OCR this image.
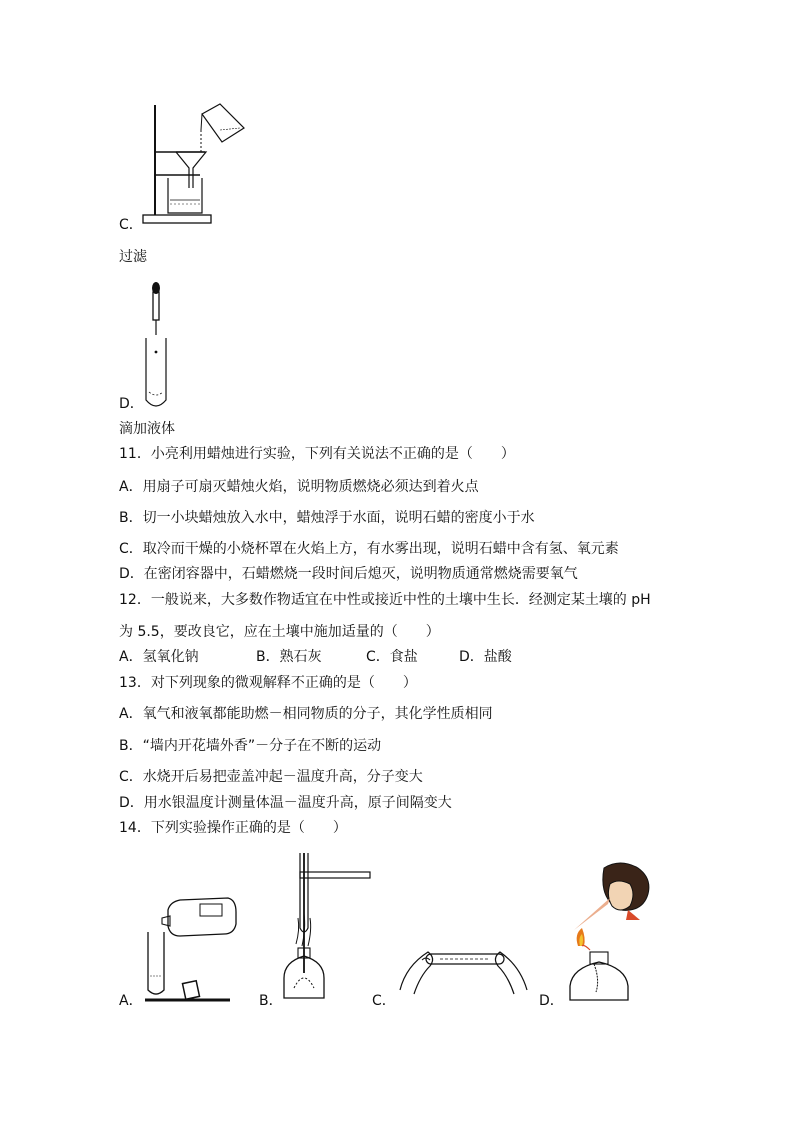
C．
过滤
D．
滴加液体
11．小亮利用蜡烛进行实验，下列有关说法不正确的是（　　）
A．用扇子可扇灭蜡烛火焰，说明物质燃烧必须达到着火点
B．切一小块蜡烛放入水中，蜡烛浮于水面，说明石蜡的密度小于水
C．取冷而干燥的小烧杯罩在火焰上方，有水雾出现，说明石蜡中含有氢、氧元素
D．在密闭容器中，石蜡燃烧一段时间后熄灭，说明物质通常燃烧需要氧气
12．一般说来，大多数作物适宜在中性或接近中性的土壤中生长．经测定某土壤的 pH
为 5.5，要改良它，应在土壤中施加适量的（　　）
A．氢氧化钠	B．熟石灰	C．食盐	D．盐酸
13．对下列现象的微观解释不正确的是（　　）
A．氧气和液氧都能助燃－相同物质的分子，其化学性质相同
B．“墙内开花墙外香”－分子在不断的运动
C．水烧开后易把壶盖冲起－温度升高，分子变大
D．用水银温度计测量体温－温度升高，原子间隔变大
14．下列实验操作正确的是（　　）
A．	B．	C．	D．
